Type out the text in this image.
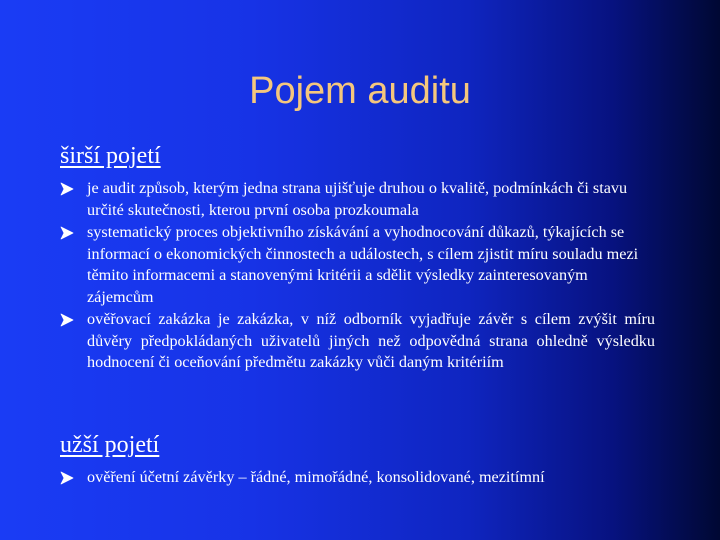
Pojem auditu
širší pojetí
je audit způsob, kterým jedna strana ujišťuje druhou o kvalitě, podmínkách či stavu určité skutečnosti, kterou první osoba prozkoumala
systematický proces objektivního získávání a vyhodnocování důkazů, týkajících se informací o ekonomických činnostech a událostech, s cílem zjistit míru souladu mezi těmito informacemi a stanovenými kritérii a sdělit výsledky zainteresovaným zájemcům
ověřovací zakázka je zakázka, v níž odborník vyjadřuje závěr s cílem zvýšit míru důvěry předpokládaných uživatelů jiných než odpovědná strana ohledně výsledku hodnocení či oceňování předmětu zakázky vůči daným kritériím
užší pojetí
ověření účetní závěrky – řádné, mimořádné, konsolidované, mezitímní
